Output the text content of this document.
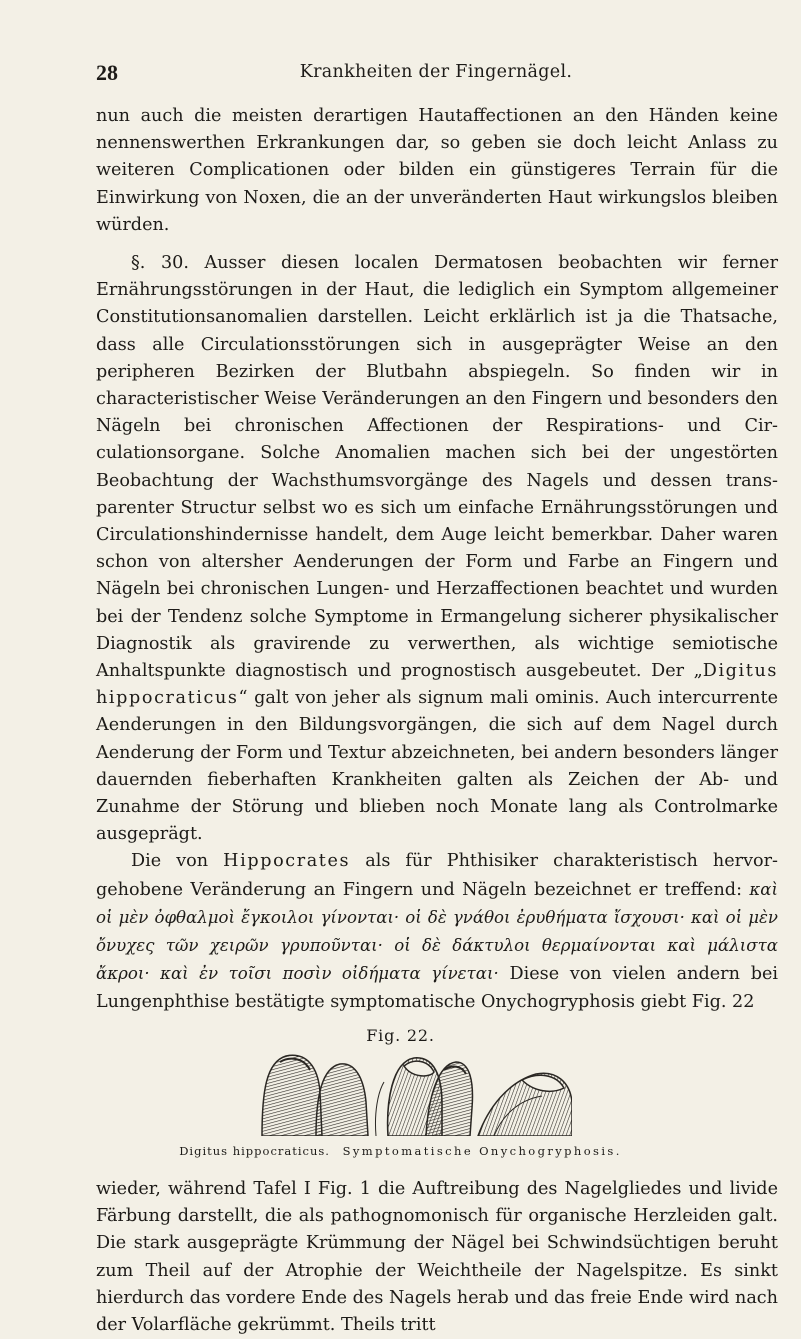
28	Krankheiten der Fingernägel.

nun auch die meisten derartigen Hautaffectionen an den Händen keine nennenswerthen Erkrankungen dar, so geben sie doch leicht Anlass zu weiteren Complicationen oder bilden ein günstigeres Terrain für die Einwirkung von Noxen, die an der unveränderten Haut wirkungslos bleiben würden.

§. 30. Ausser diesen localen Dermatosen beobachten wir ferner Ernährungsstörungen in der Haut, die lediglich ein Symptom allgemeiner Constitutionsanomalien darstellen. Leicht erklärlich ist ja die Thatsache, dass alle Circulationsstörungen sich in ausgeprägter Weise an den peripheren Bezirken der Blutbahn abspiegeln. So finden wir in characteristischer Weise Veränderungen an den Fingern und besonders den Nägeln bei chronischen Affectionen der Respirations- und Circulationsorgane. Solche Anomalien machen sich bei der ungestörten Beobachtung der Wachsthumsvorgänge des Nagels und dessen transparenter Structur selbst wo es sich um einfache Ernährungsstörungen und Circulationshindernisse handelt, dem Auge leicht bemerkbar. Daher waren schon von altersher Aenderungen der Form und Farbe an Fingern und Nägeln bei chronischen Lungen- und Herzaffectionen beachtet und wurden bei der Tendenz solche Symptome in Ermangelung sicherer physikalischer Diagnostik als gravirende zu verwerthen, als wichtige semiotische Anhaltspunkte diagnostisch und prognostisch ausgebeutet. Der „Digitus hippocraticus“ galt von jeher als signum mali ominis. Auch intercurrente Aenderungen in den Bildungsvorgängen, die sich auf dem Nagel durch Aenderung der Form und Textur abzeichneten, bei andern besonders länger dauernden fieberhaften Krankheiten galten als Zeichen der Ab- und Zunahme der Störung und blieben noch Monate lang als Controlmarke ausgeprägt.

Die von Hippocrates als für Phthisiker charakteristisch hervorgehobene Veränderung an Fingern und Nägeln bezeichnet er treffend: καὶ οἱ μὲν ὀφθαλμοὶ ἔγκοιλοι γίνονται· οἱ δὲ γνάθοι ἐρυθήματα ἴσχουσι· καὶ οἱ μὲν ὄνυχες τῶν χειρῶν γρυποῦνται· οἱ δὲ δάκτυλοι θερμαίνονται καὶ μάλιστα ἄκροι· καὶ ἐν τοῖσι ποσὶν οἰδήματα γίνεται· Diese von vielen andern bei Lungenphthise bestätigte symptomatische Onychogryphosis giebt Fig. 22

Fig. 22.
Digitus hippocraticus. Symptomatische Onychogryphosis.

wieder, während Tafel I Fig. 1 die Auftreibung des Nagelgliedes und livide Färbung darstellt, die als pathognomonisch für organische Herzleiden galt. Die stark ausgeprägte Krümmung der Nägel bei Schwindsüchtigen beruht zum Theil auf der Atrophie der Weichtheile der Nagelspitze. Es sinkt hierdurch das vordere Ende des Nagels herab und das freie Ende wird nach der Volarfläche gekrümmt. Theils tritt
